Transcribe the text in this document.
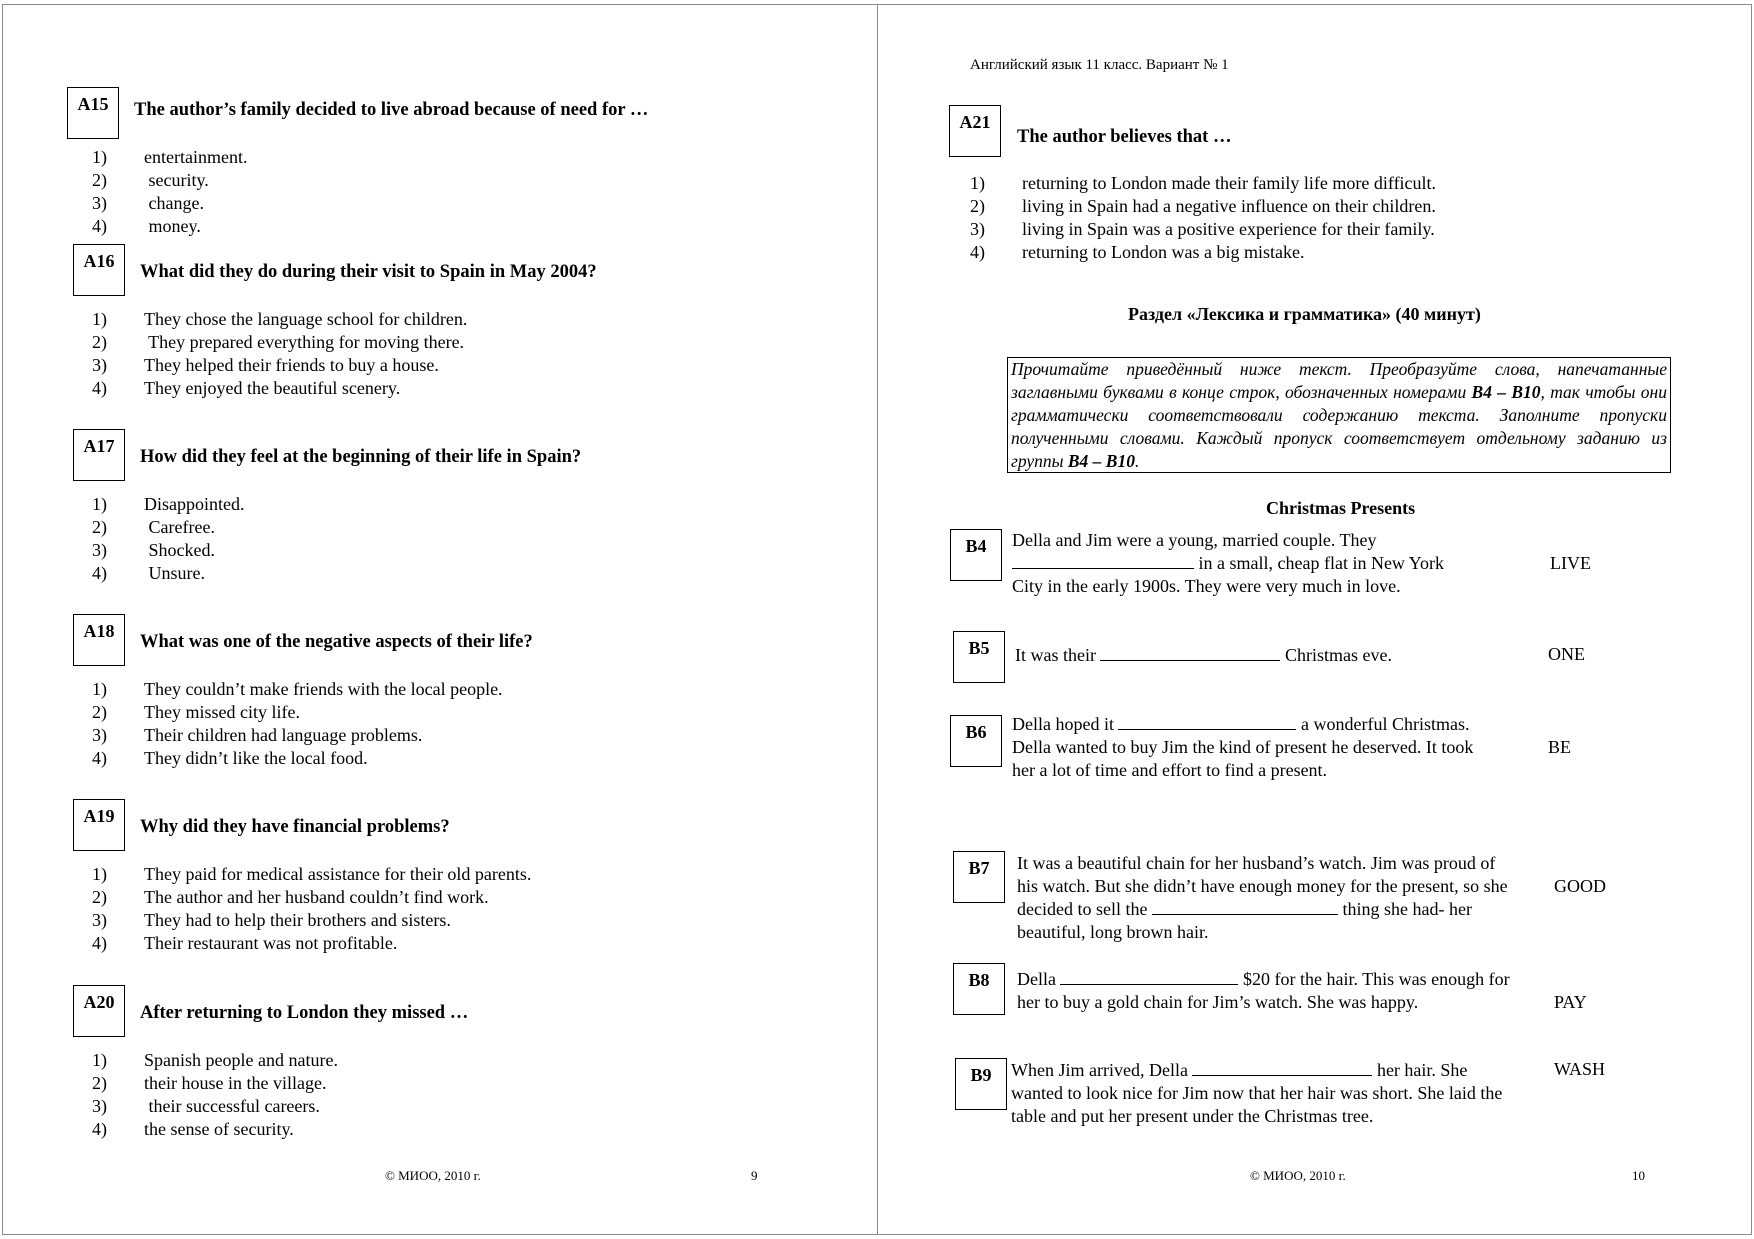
A15	The author’s family decided to live abroad because of need for …
1) entertainment.
2) security.
3) change.
4) money.
A16
What did they do during their visit to Spain in May 2004?
1) They chose the language school for children.
2) They prepared everything for moving there.
3) They helped their friends to buy a house.
4) They enjoyed the beautiful scenery.
A17
How did they feel at the beginning of their life in Spain?
1) Disappointed.
2) Carefree.
3) Shocked.
4) Unsure.
A18
What was one of the negative aspects of their life?
1) They couldn’t make friends with the local people.
2) They missed city life.
3) Their children had language problems.
4) They didn’t like the local food.
A19
Why did they have financial problems?
1) They paid for medical assistance for their old parents.
2) The author and her husband couldn’t find work.
3) They had to help their brothers and sisters.
4) Their restaurant was not profitable.
A20
After returning to London they missed …
1) Spanish people and nature.
2) their house in the village.
3) their successful careers.
4) the sense of security.
© МИОО, 2010 г.	9
Английский язык 11 класс. Вариант № 1
A21
The author believes that …
1) returning to London made their family life more difficult.
2) living in Spain had a negative influence on their children.
3) living in Spain was a positive experience for their family.
4) returning to London was a big mistake.
Раздел «Лексика и грамматика» (40 минут)
Прочитайте приведённый ниже текст. Преобразуйте слова, напечатанные заглавными буквами в конце строк, обозначенных номерами B4 – B10, так чтобы они грамматически соответствовали содержанию текста. Заполните пропуски полученными словами. Каждый пропуск соответствует отдельному заданию из группы B4 – B10.
Christmas Presents
B4	Della and Jim were a young, married couple. They
in a small, cheap flat in New York City in the early 1900s. They were very much in love.
LIVE
B5	It was their	Christmas eve.	ONE
B6	Della hoped it	a wonderful Christmas. Della wanted to buy Jim the kind of present he deserved. It took her a lot of time and effort to find a present.
BE
B7	It was a beautiful chain for her husband’s watch. Jim was proud of his watch. But she didn’t have enough money for the present, so she decided to sell the	thing she had- her beautiful, long brown hair.
GOOD
B8	Della	$20 for the hair. This was enough for her to buy a gold chain for Jim’s watch. She was happy.	PAY
B9	When Jim arrived, Della	her hair. She wanted to look nice for Jim now that her hair was short. She laid the table and put her present under the Christmas tree.
WASH
© МИОО, 2010 г.	10
